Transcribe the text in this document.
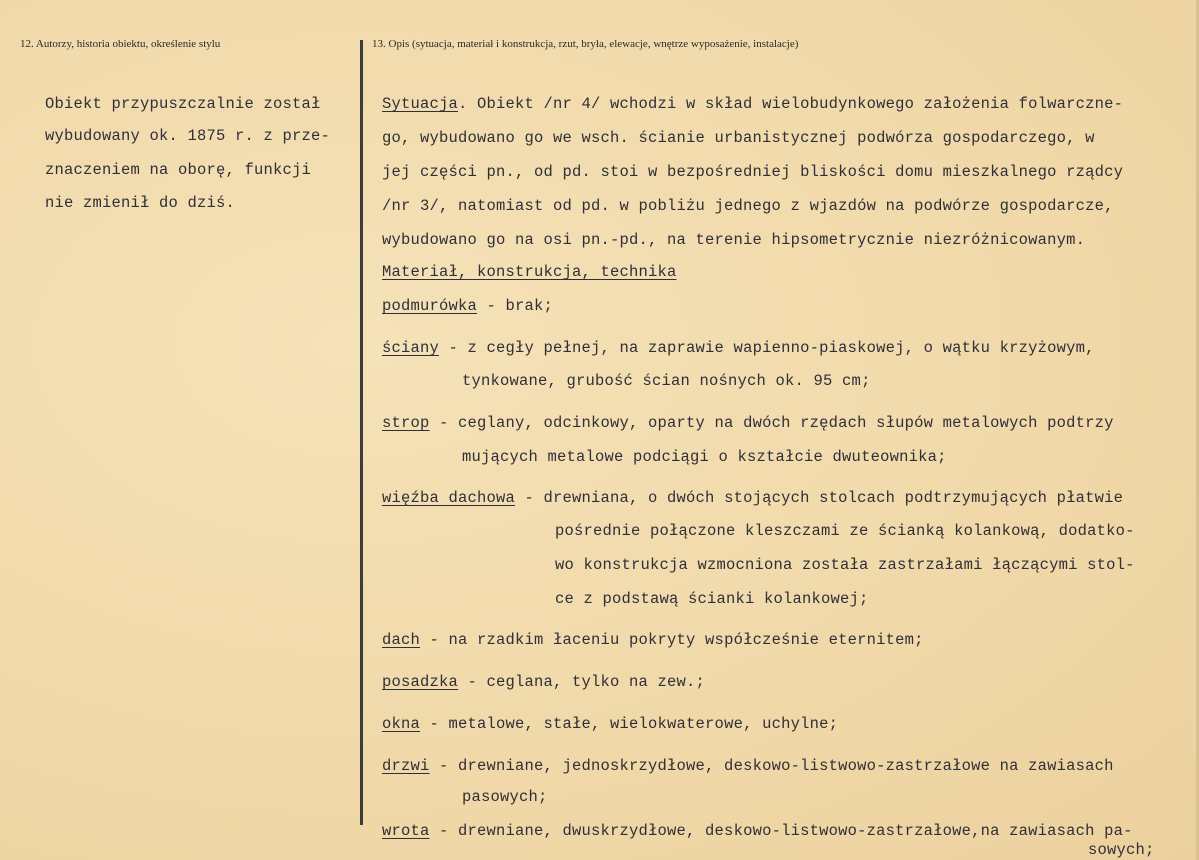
12. Autorzy, historia obiektu, określenie stylu	13. Opis (sytuacja, materiał i konstrukcja, rzut, bryła, elewacje, wnętrze wyposażenie, instalacje)
Obiekt przypuszczalnie został
wybudowany ok. 1875 r. z prze-
znaczeniem na oborę, funkcji
nie zmienił do dziś.
Sytuacja. Obiekt /nr 4/ wchodzi w skład wielobudynkowego założenia folwarczne-
go, wybudowano go we wsch. ścianie urbanistycznej podwórza gospodarczego, w
jej części pn., od pd. stoi w bezpośredniej bliskości domu mieszkalnego rządcy
/nr 3/, natomiast od pd. w pobliżu jednego z wjazdów na podwórze gospodarcze,
wybudowano go na osi pn.-pd., na terenie hipsometrycznie niezróżnicowanym.
Materiał, konstrukcja, technika
podmurówka - brak;
ściany - z cegły pełnej, na zaprawie wapienno-piaskowej, o wątku krzyżowym,
tynkowane, grubość ścian nośnych ok. 95 cm;
strop - ceglany, odcinkowy, oparty na dwóch rzędach słupów metalowych podtrzy
mujących metalowe podciągi o kształcie dwuteownika;
więźba dachowa - drewniana, o dwóch stojących stolcach podtrzymujących płatwie
pośrednie połączone kleszczami ze ścianką kolankową, dodatko-
wo konstrukcja wzmocniona została zastrzałami łączącymi stol-
ce z podstawą ścianki kolankowej;
dach - na rzadkim łaceniu pokryty współcześnie eternitem;
posadzka - ceglana, tylko na zew.;
okna - metalowe, stałe, wielokwaterowe, uchylne;
drzwi - drewniane, jednoskrzydłowe, deskowo-listwowo-zastrzałowe na zawiasach
pasowych;
wrota - drewniane, dwuskrzydłowe, deskowo-listwowo-zastrzałowe,na zawiasach pa-
sowych;
